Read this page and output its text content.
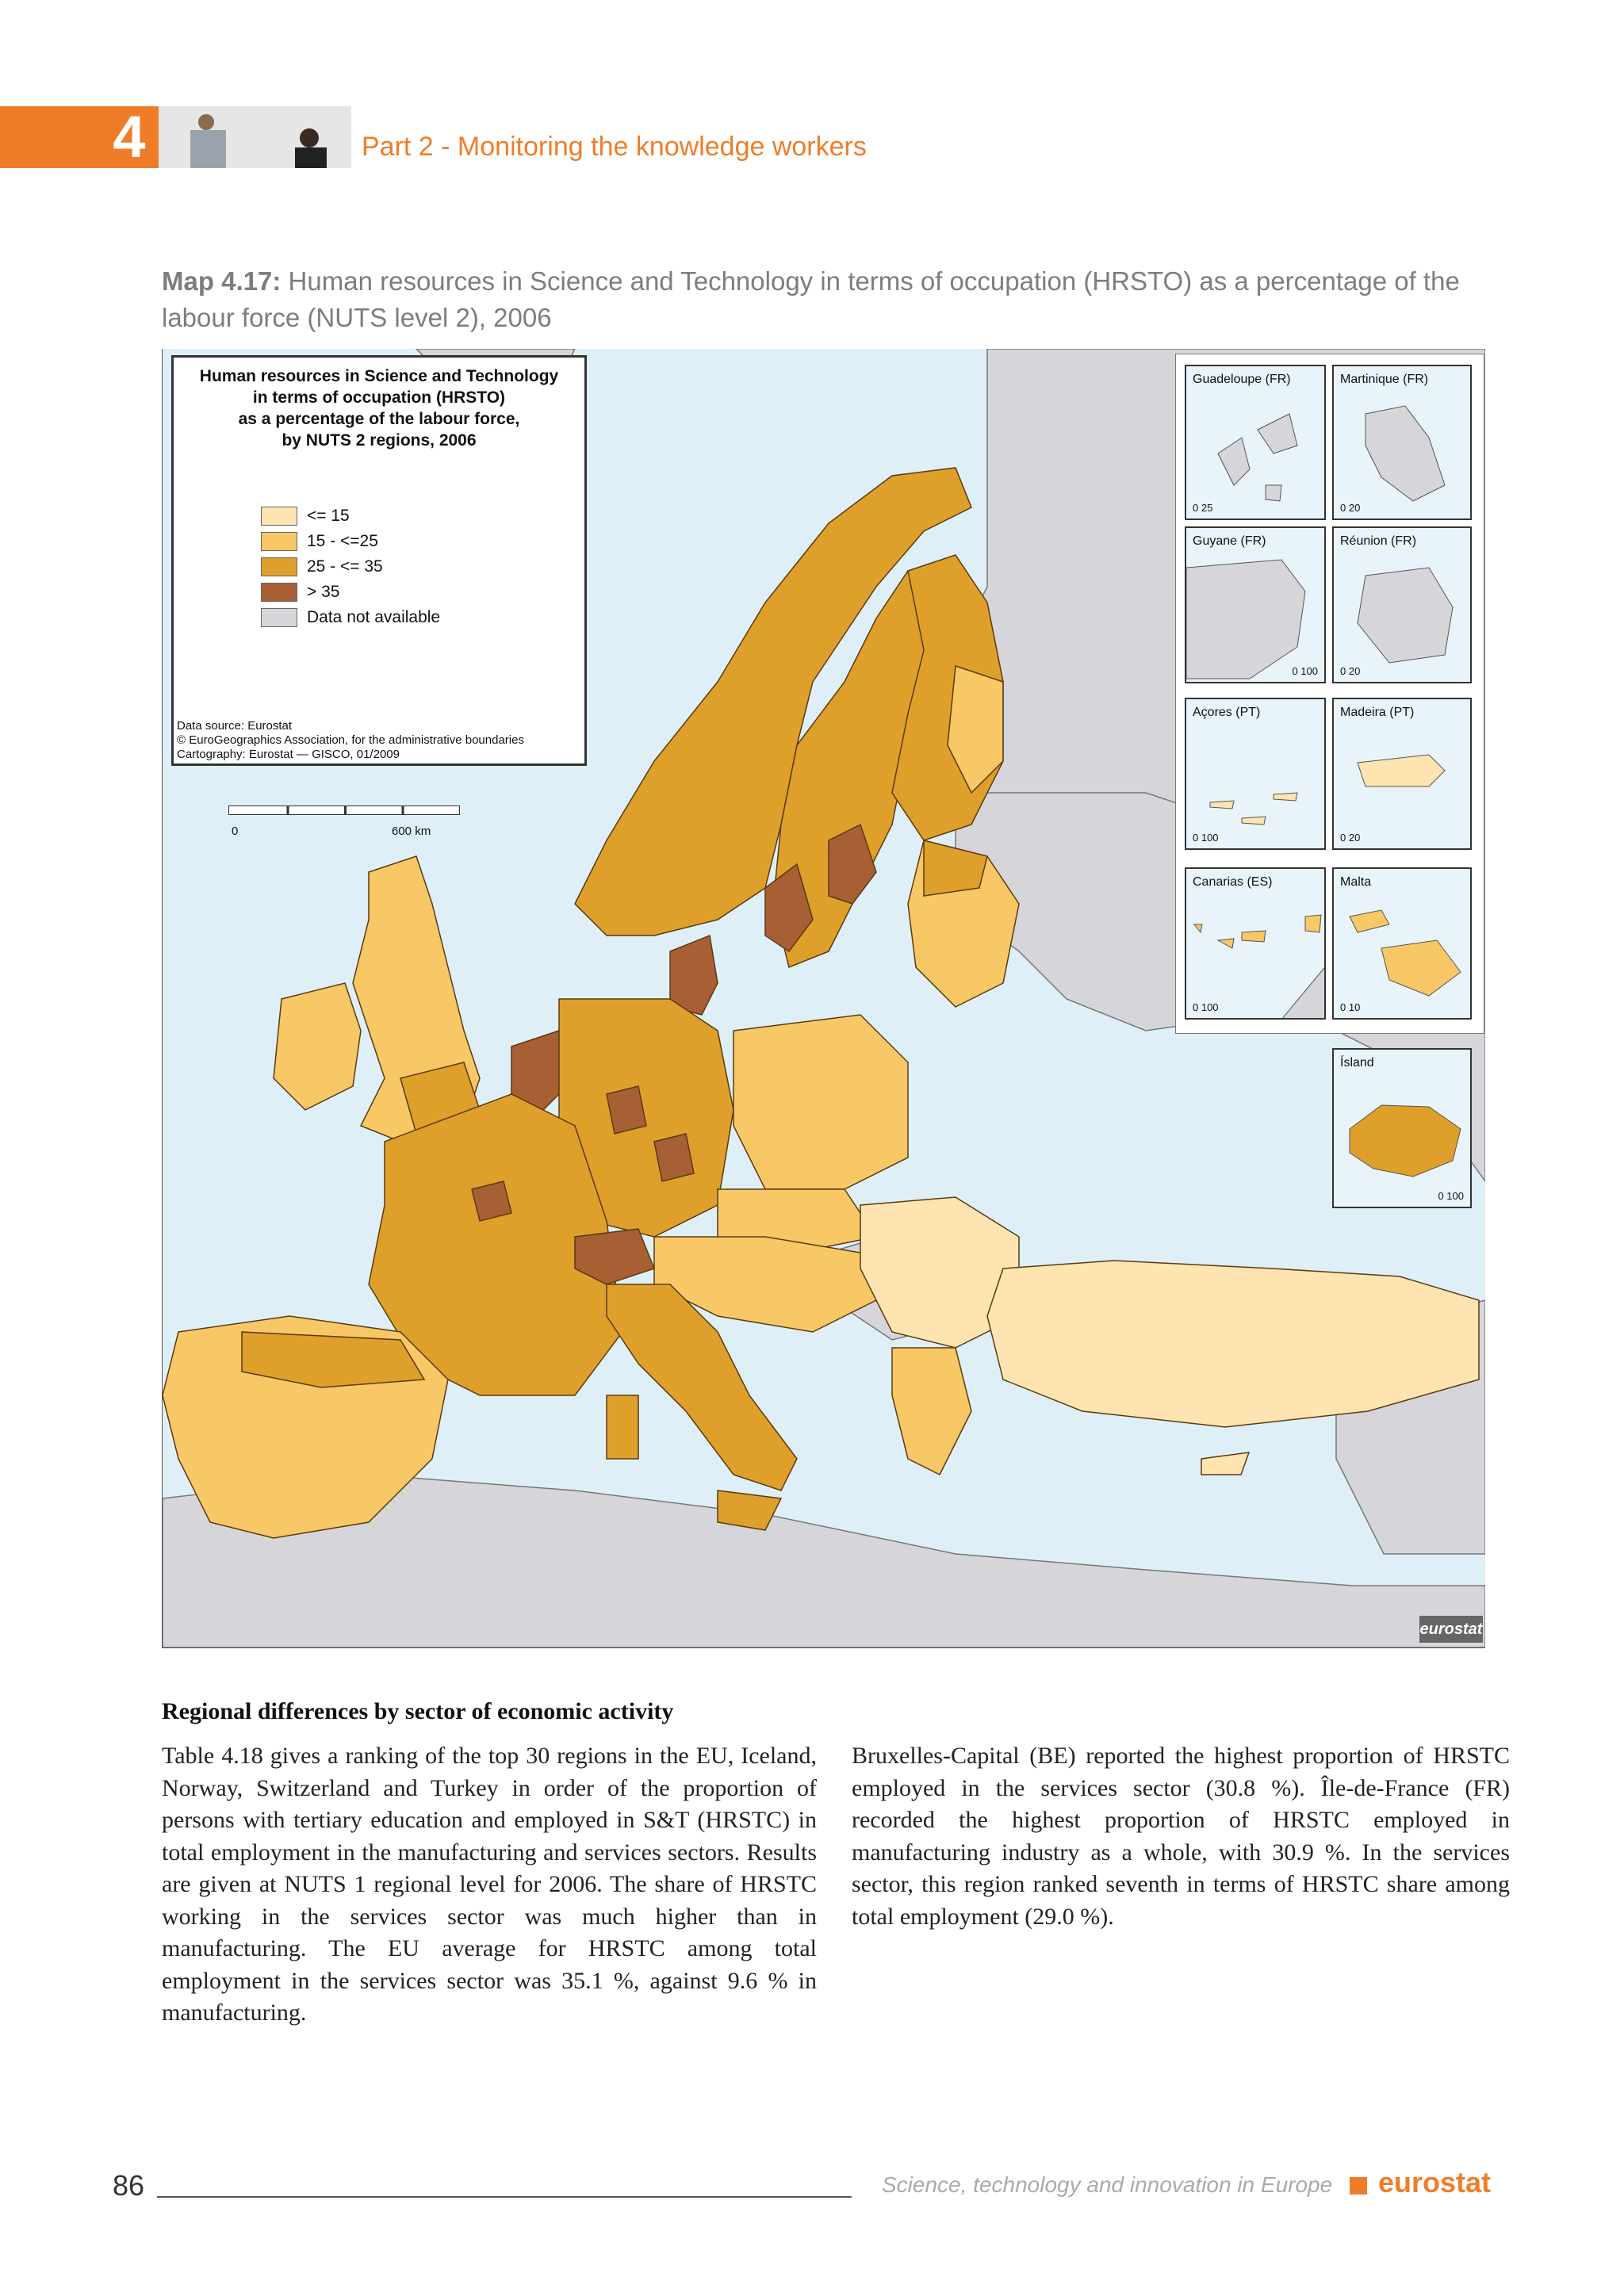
4	Part 2 - Monitoring the knowledge workers
Map 4.17: Human resources in Science and Technology in terms of occupation (HRSTO) as a percentage of the labour force (NUTS level 2), 2006
Human resources in Science and Technology
in terms of occupation (HRSTO)
as a percentage of the labour force,
by NUTS 2 regions, 2006
<= 15
15 - <=25
25 - <= 35
> 35
Data not available
Data source: Eurostat
© EuroGeographics Association, for the administrative boundaries
Cartography: Eurostat — GISCO, 01/2009
0	600 km
Guadeloupe (FR)
0 25
Martinique (FR)
0 20
Guyane (FR)
0 100
Réunion (FR)
0 20
Açores (PT)
0 100
Madeira (PT)
0 20
Canarias (ES)
0 100
Malta
0 10
Ísland
0 100
eurostat
Regional differences by sector of economic activity
Table 4.18 gives a ranking of the top 30 regions in the EU, Iceland, Norway, Switzerland and Turkey in order of the proportion of persons with tertiary education and employed in S&T (HRSTC) in total employment in the manufacturing and services sectors. Results are given at NUTS 1 regional level for 2006. The share of HRSTC working in the services sector was much higher than in manufacturing. The EU average for HRSTC among total employment in the services sector was 35.1 %, against 9.6 % in manufacturing.
Bruxelles-Capital (BE) reported the highest proportion of HRSTC employed in the services sector (30.8 %). Île-de-France (FR) recorded the highest proportion of HRSTC employed in manufacturing industry as a whole, with 30.9 %. In the services sector, this region ranked seventh in terms of HRSTC share among total employment (29.0 %).
86	Science, technology and innovation in Europe eurostat
